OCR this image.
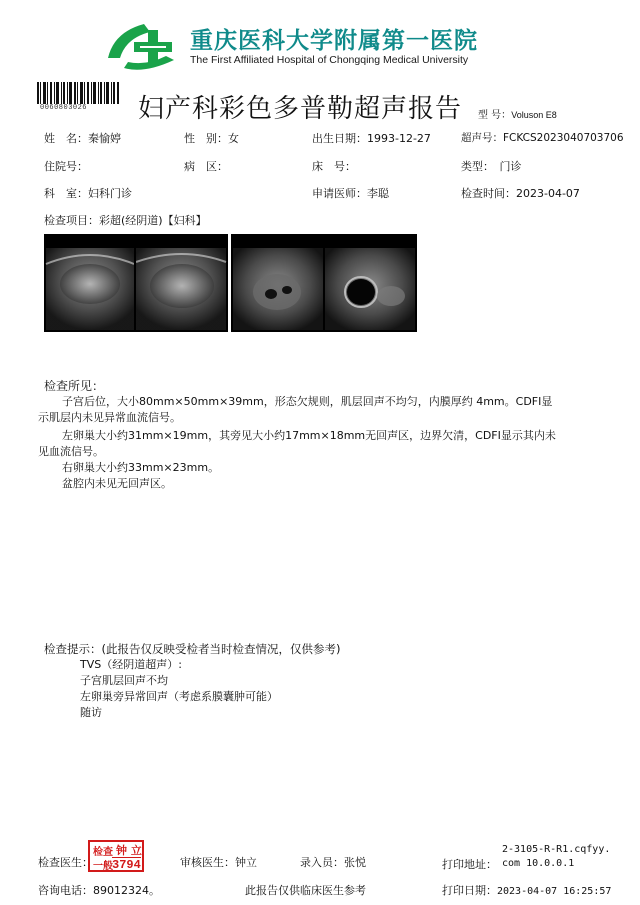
重庆医科大学附属第一医院
The First Affiliated Hospital of Chongqing Medical University
0060803026 妇产科彩色多普勒超声报告 型 号：Voluson E8
姓　名：秦愉婷	性　别：女	出生日期：1993-12-27	超声号：FCKCS2023040703706
住院号：	病　区：	床　号：	类型：　 门诊
科　室：妇科门诊	申请医师：李聪	检查时间：2023-04-07
检查项目：彩超(经阴道)【妇科】
检查所见：
子宫后位，大小80mm×50mm×39mm，形态欠规则，肌层回声不均匀，内膜厚约 4mm。CDFI显
示肌层内未见异常血流信号。
左卵巢大小约31mm×19mm，其旁见大小约17mm×18mm无回声区，边界欠清，CDFI显示其内未
见血流信号。
右卵巢大小约33mm×23mm。
盆腔内未见无回声区。
检查提示：(此报告仅反映受检者当时检查情况，仅供参考)
TVS（经阴道超声）:
子宫肌层回声不均
左卵巢旁异常回声（考虑系膜囊肿可能）
随访
检查医生：
检查 钟 立
一般 3794	审核医生：钟立	录入员：张悦	打印地址：
2-3105-R-R1.cqfyy.
com 10.0.0.1
咨询电话：89012324。	此报告仅供临床医生参考	打印日期：2023-04-07 16:25:57
